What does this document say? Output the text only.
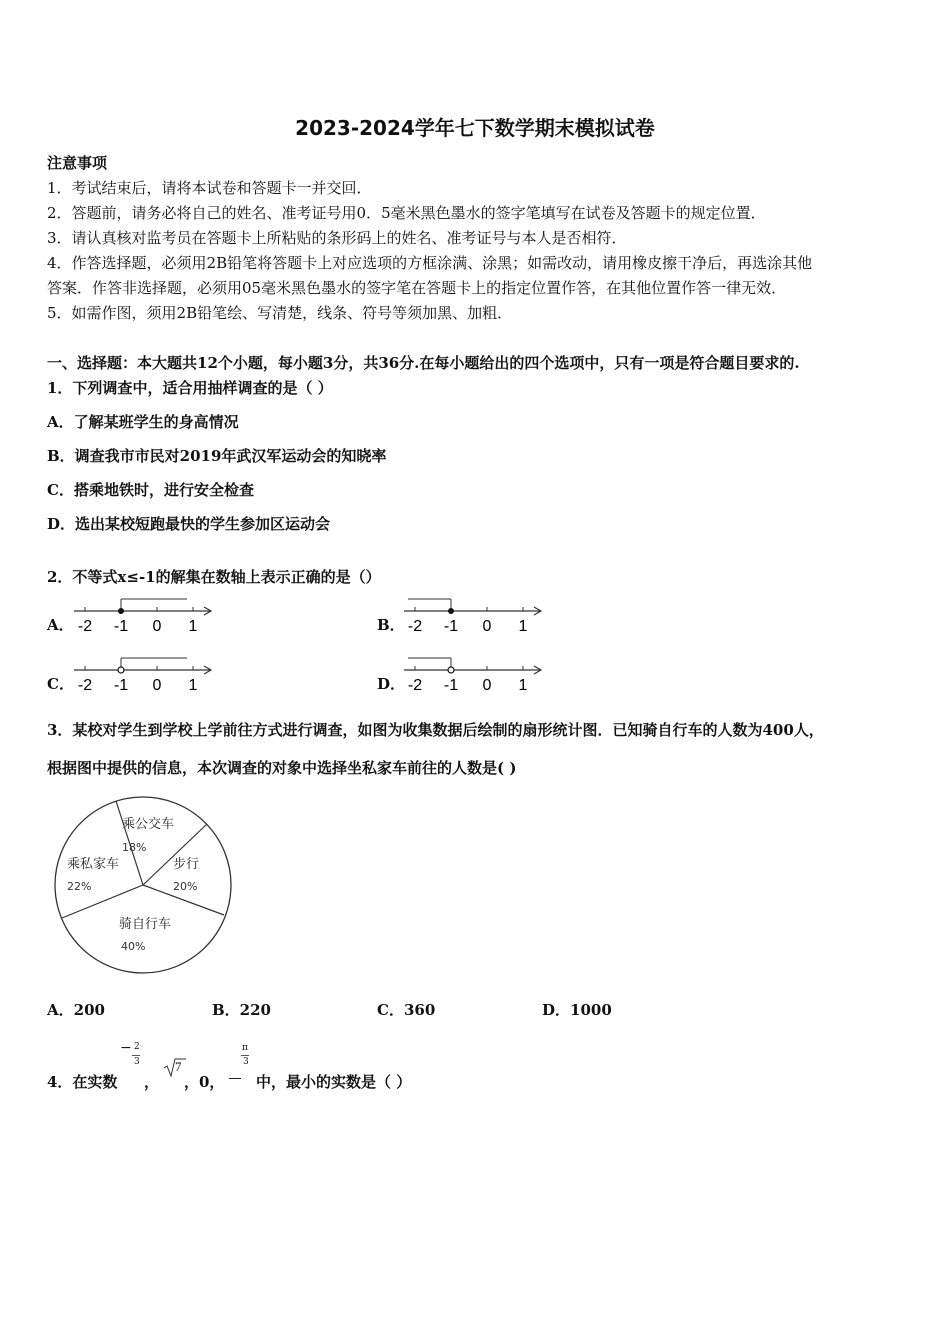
2023-2024学年七下数学期末模拟试卷
注意事项
1．考试结束后，请将本试卷和答题卡一并交回．
2．答题前，请务必将自己的姓名、准考证号用0．5毫米黑色墨水的签字笔填写在试卷及答题卡的规定位置．
3．请认真核对监考员在答题卡上所粘贴的条形码上的姓名、准考证号与本人是否相符．
4．作答选择题，必须用2B铅笔将答题卡上对应选项的方框涂满、涂黑；如需改动，请用橡皮擦干净后，再选涂其他
答案．作答非选择题，必须用05毫米黑色墨水的签字笔在答题卡上的指定位置作答，在其他位置作答一律无效．
5．如需作图，须用2B铅笔绘、写清楚，线条、符号等须加黑、加粗．
一、选择题：本大题共12个小题，每小题3分，共36分.在每小题给出的四个选项中，只有一项是符合题目要求的.
1．下列调查中，适合用抽样调查的是（ ）
A．了解某班学生的身高情况
B．调查我市市民对2019年武汉军运动会的知晓率
C．搭乘地铁时，进行安全检查
D．选出某校短跑最快的学生参加区运动会
2．不等式x≤-1的解集在数轴上表示正确的是（）
A． -2 -1 0 1	B． -2 -1 0 1
C． -2 -1 0 1	D． -2 -1 0 1
3．某校对学生到学校上学前往方式进行调查，如图为收集数据后绘制的扇形统计图．已知骑自行车的人数为400人，
根据图中提供的信息，本次调查的对象中选择坐私家车前往的人数是( )
乘公交车
18%
步行
20%
骑自行车
40%
乘私家车
22%
A．200	B．220	C．360	D．1000
4．在实数
− 2
3
，
7
，0，
π
3
中，最小的实数是（ ）
